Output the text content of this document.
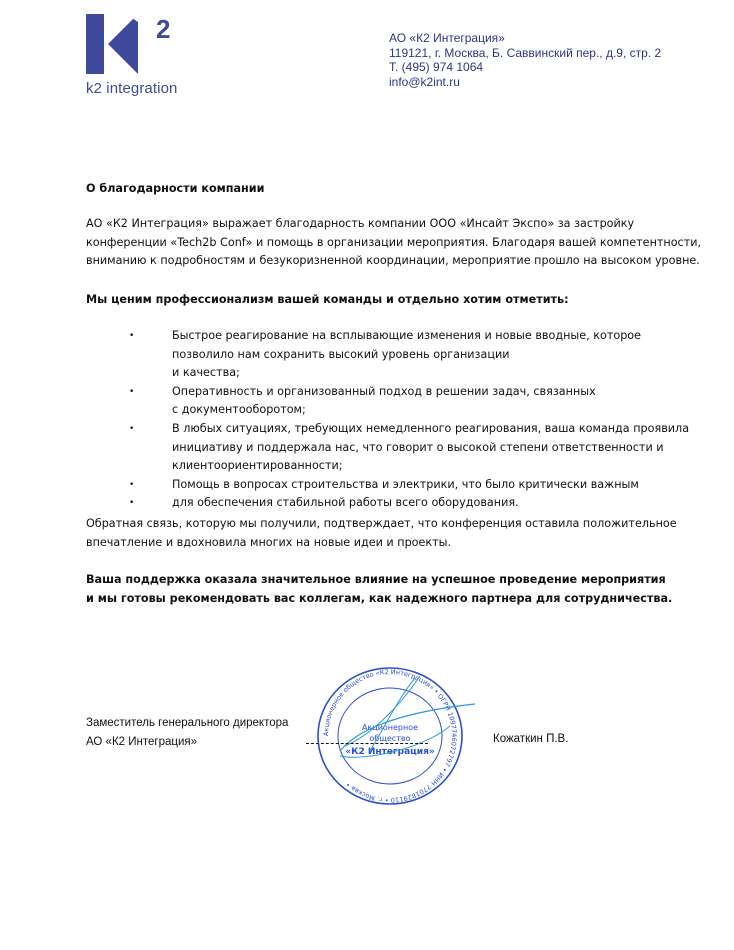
2
k2 integration
АО «К2 Интеграция»
119121, г. Москва, Б. Саввинский пер., д.9, стр. 2
Т. (495) 974 1064
info@k2int.ru
О благодарности компании
АО «К2 Интеграция» выражает благодарность компании ООО «Инсайт Экспо» за застройку
конференции «Tech2b Conf» и помощь в организации мероприятия. Благодаря вашей компетентности,
вниманию к подробностям и безукоризненной координации, мероприятие прошло на высоком уровне.
Мы ценим профессионализм вашей команды и отдельно хотим отметить:
•	Быстрое реагирование на всплывающие изменения и новые вводные, которое
позволило нам сохранить высокий уровень организации
и качества;
•	Оперативность и организованный подход в решении задач, связанных
с документооборотом;
•	В любых ситуациях, требующих немедленного реагирования, ваша команда проявила
инициативу и поддержала нас, что говорит о высокой степени ответственности и
клиентоориентированности;
•	Помощь в вопросах строительства и электрики, что было критически важным
•	для обеспечения стабильной работы всего оборудования.
Обратная связь, которую мы получили, подтверждает, что конференция оставила положительное
впечатление и вдохновила многих на новые идеи и проекты.
Ваша поддержка оказала значительное влияние на успешное проведение мероприятия
и мы готовы рекомендовать вас коллегам, как надежного партнера для сотрудничества.
Заместитель генерального директора
АО «К2 Интеграция»
Акционерное общество «К2 Интеграция» • ОГРН 1097746072797 • ИНН 7701829110 • г. Москва •
Акционерное
общество
«К2 Интеграция»
Кожаткин П.В.
